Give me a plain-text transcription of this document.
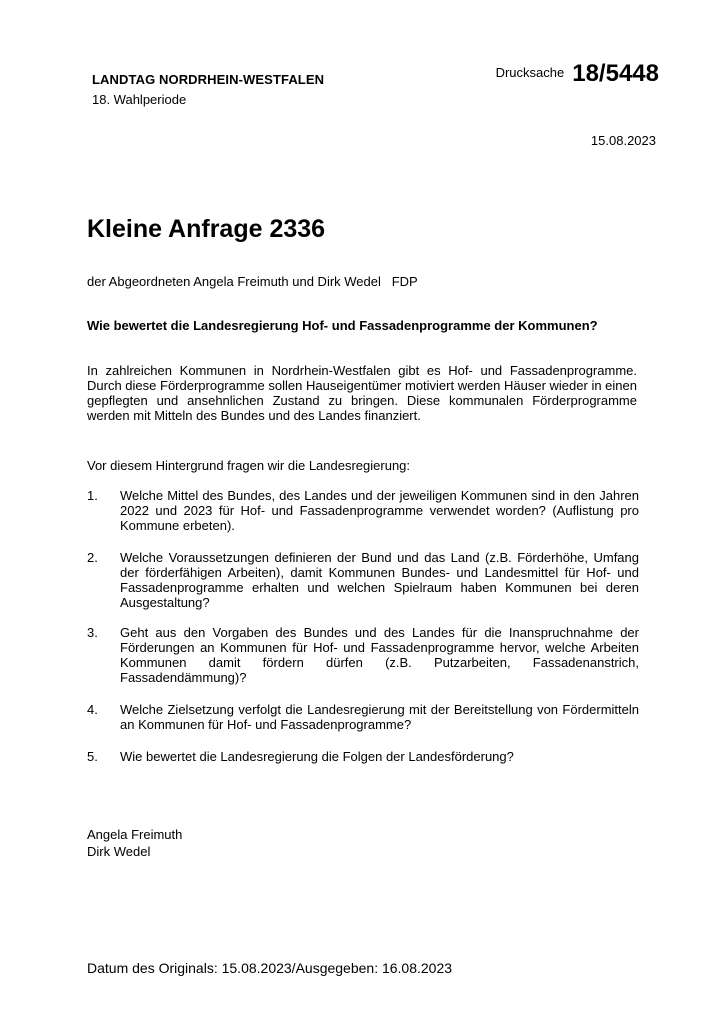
LANDTAG NORDRHEIN-WESTFALEN
18. Wahlperiode
$^{Drucksache}$ 18/5448
15.08.2023
Kleine Anfrage 2336
der Abgeordneten Angela Freimuth und Dirk Wedel   FDP
Wie bewertet die Landesregierung Hof- und Fassadenprogramme der Kommunen?

In zahlreichen Kommunen in Nordrhein-Westfalen gibt es Hof- und Fassadenprogramme. Durch diese Förderprogramme sollen Hauseigentümer motiviert werden Häuser wieder in einen gepflegten und ansehnlichen Zustand zu bringen. Diese kommunalen Förderprogramme werden mit Mitteln des Bundes und des Landes finanziert.

Vor diesem Hintergrund fragen wir die Landesregierung:
1. Welche Mittel des Bundes, des Landes und der jeweiligen Kommunen sind in den Jahren 2022 und 2023 für Hof- und Fassadenprogramme verwendet worden? (Auflistung pro Kommune erbeten).
2. Welche Voraussetzungen definieren der Bund und das Land (z.B. Förderhöhe, Umfang der förderfähigen Arbeiten), damit Kommunen Bundes- und Landesmittel für Hof- und Fassadenprogramme erhalten und welchen Spielraum haben Kommunen bei deren Ausgestaltung?
3. Geht aus den Vorgaben des Bundes und des Landes für die Inanspruchnahme der Förderungen an Kommunen für Hof- und Fassadenprogramme hervor, welche Arbeiten Kommunen damit fördern dürfen (z.B. Putzarbeiten, Fassadenanstrich, Fassadendämmung)?
4. Welche Zielsetzung verfolgt die Landesregierung mit der Bereitstellung von Fördermitteln an Kommunen für Hof- und Fassadenprogramme?
5. Wie bewertet die Landesregierung die Folgen der Landesförderung?
Angela Freimuth
Dirk Wedel
Datum des Originals: 15.08.2023/Ausgegeben: 16.08.2023
